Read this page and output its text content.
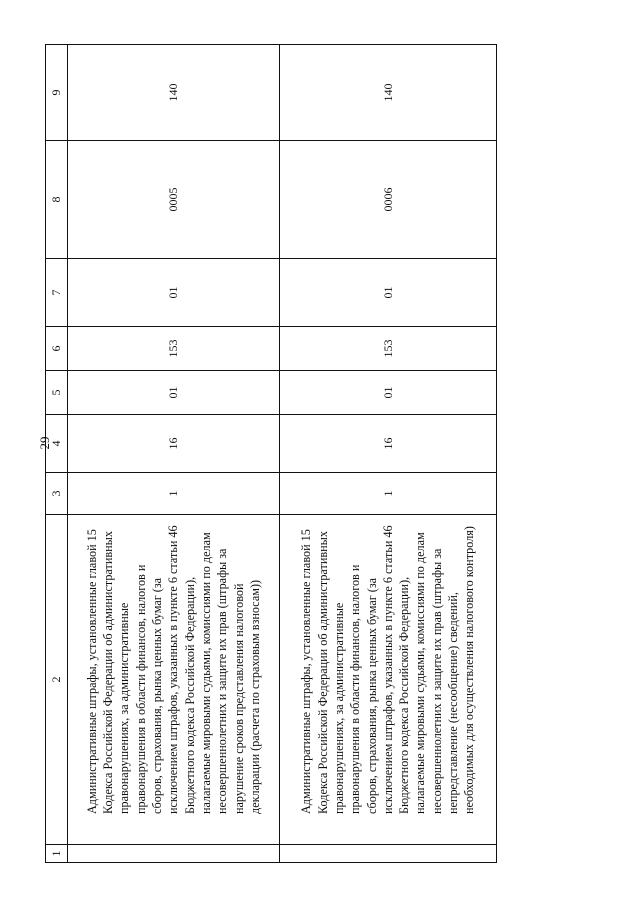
29
1	2	3	4	5	6	7	8	9
	Административные штрафы, установленные главой 15 Кодекса Российской Федерации об административных правонарушениях, за административные правонарушения в области финансов, налогов и сборов, страхования, рынка ценных бумаг (за исключением штрафов, указанных в пункте 6 статьи 46 Бюджетного кодекса Российской Федерации), налагаемые мировыми судьями, комиссиями по делам несовершеннолетних и защите их прав (штрафы за нарушение сроков представления налоговой декларации (расчета по страховым взносам))	1	16	01	153	01	0005	140
	Административные штрафы, установленные главой 15 Кодекса Российской Федерации об административных правонарушениях, за административные правонарушения в области финансов, налогов и сборов, страхования, рынка ценных бумаг (за исключением штрафов, указанных в пункте 6 статьи 46 Бюджетного кодекса Российской Федерации), налагаемые мировыми судьями, комиссиями по делам несовершеннолетних и защите их прав (штрафы за непредставление (несообщение) сведений, необходимых для осуществления налогового контроля)	1	16	01	153	01	0006	140
